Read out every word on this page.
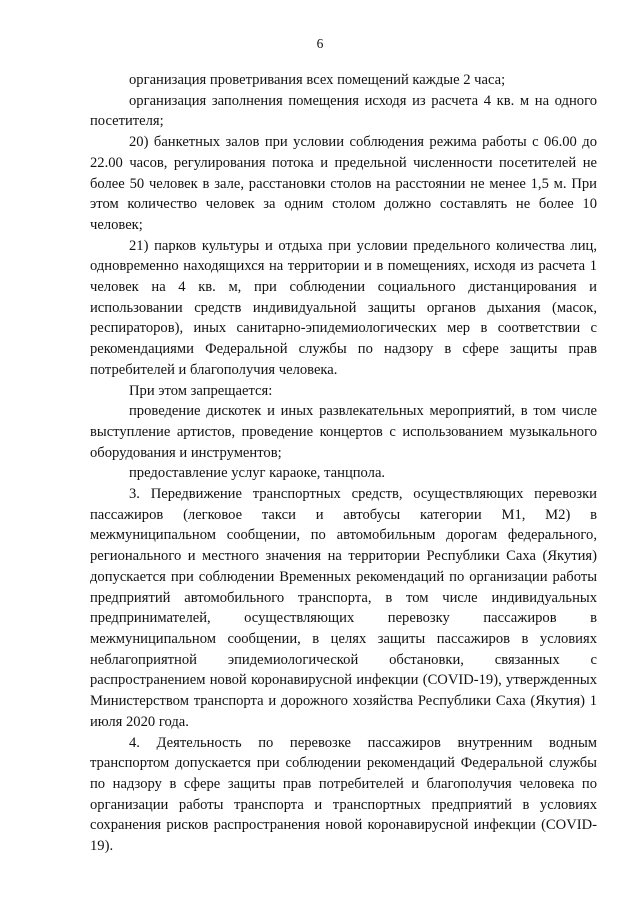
6

организация проветривания всех помещений каждые 2 часа;

организация заполнения помещения исходя из расчета 4 кв. м на одного посетителя;

20) банкетных залов при условии соблюдения режима работы с 06.00 до 22.00 часов, регулирования потока и предельной численности посетителей не более 50 человек в зале, расстановки столов на расстоянии не менее 1,5 м. При этом количество человек за одним столом должно составлять не более 10 человек;

21) парков культуры и отдыха при условии предельного количества лиц, одновременно находящихся на территории и в помещениях, исходя из расчета 1 человек на 4 кв. м, при соблюдении социального дистанцирования и использовании средств индивидуальной защиты органов дыхания (масок, респираторов), иных санитарно-эпидемиологических мер в соответствии с рекомендациями Федеральной службы по надзору в сфере защиты прав потребителей и благополучия человека.

При этом запрещается:

проведение дискотек и иных развлекательных мероприятий, в том числе выступление артистов, проведение концертов с использованием музыкального оборудования и инструментов;

предоставление услуг караоке, танцпола.

3. Передвижение транспортных средств, осуществляющих перевозки пассажиров (легковое такси и автобусы категории М1, М2) в межмуниципальном сообщении, по автомобильным дорогам федерального, регионального и местного значения на территории Республики Саха (Якутия) допускается при соблюдении Временных рекомендаций по организации работы предприятий автомобильного транспорта, в том числе индивидуальных предпринимателей, осуществляющих перевозку пассажиров в межмуниципальном сообщении, в целях защиты пассажиров в условиях неблагоприятной эпидемиологической обстановки, связанных с распространением новой коронавирусной инфекции (COVID-19), утвержденных Министерством транспорта и дорожного хозяйства Республики Саха (Якутия) 1 июля 2020 года.

4. Деятельность по перевозке пассажиров внутренним водным транспортом допускается при соблюдении рекомендаций Федеральной службы по надзору в сфере защиты прав потребителей и благополучия человека по организации работы транспорта и транспортных предприятий в условиях сохранения рисков распространения новой коронавирусной инфекции (COVID-19).
